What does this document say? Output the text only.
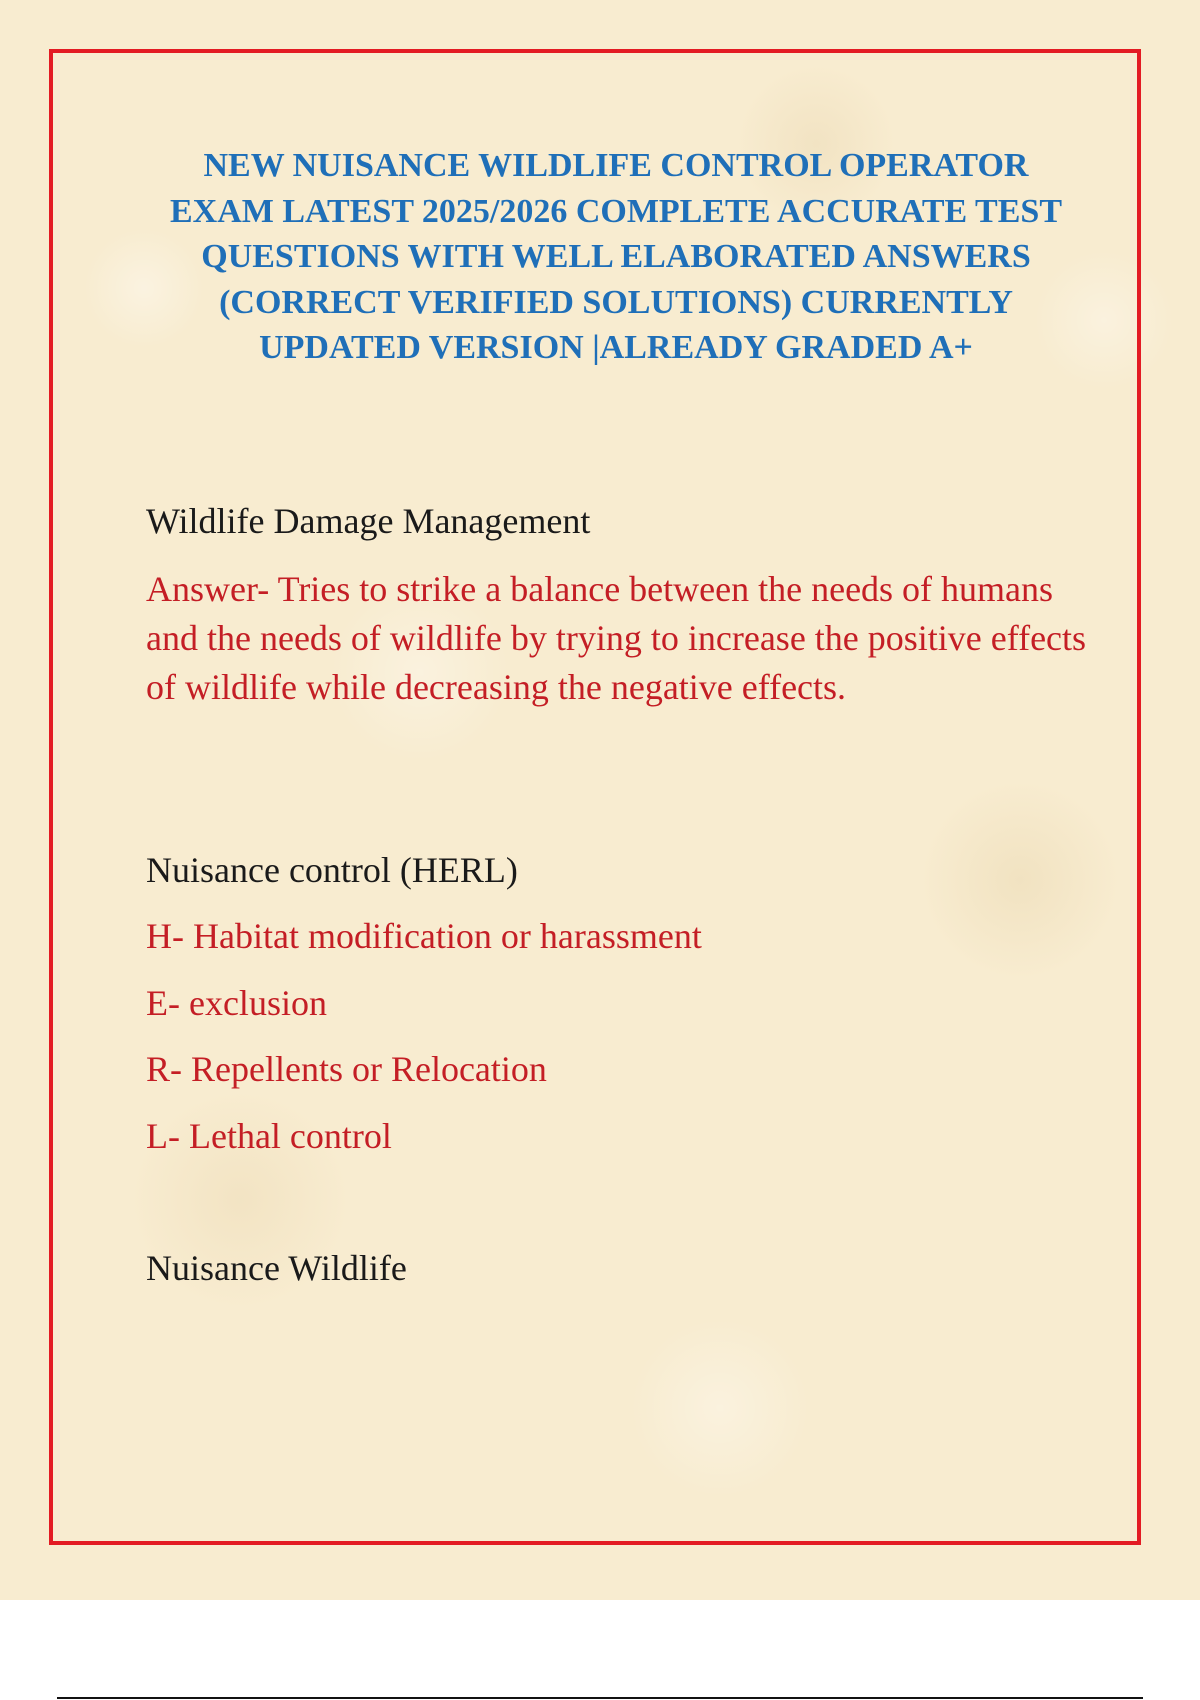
NEW NUISANCE WILDLIFE CONTROL OPERATOR EXAM LATEST 2025/2026 COMPLETE ACCURATE TEST QUESTIONS WITH WELL ELABORATED ANSWERS (CORRECT VERIFIED SOLUTIONS) CURRENTLY UPDATED VERSION |ALREADY GRADED A+

Wildlife Damage Management

Answer- Tries to strike a balance between the needs of humans and the needs of wildlife by trying to increase the positive effects of wildlife while decreasing the negative effects.

Nuisance control (HERL)

H- Habitat modification or harassment

E- exclusion

R- Repellents or Relocation

L- Lethal control

Nuisance Wildlife
